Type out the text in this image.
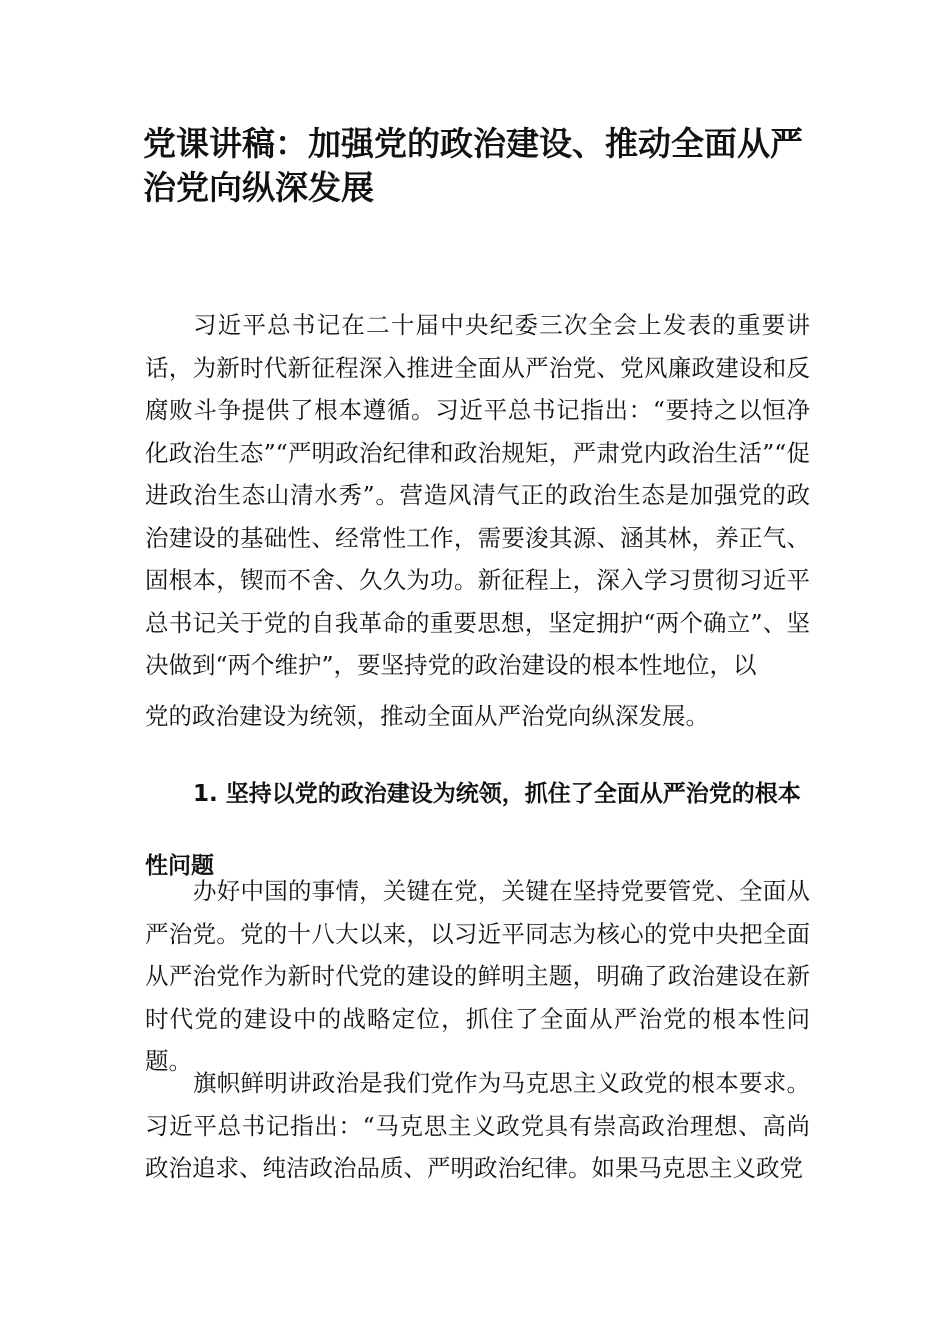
党课讲稿：加强党的政治建设、推动全面从严治党向纵深发展

习近平总书记在二十届中央纪委三次全会上发表的重要讲话，为新时代新征程深入推进全面从严治党、党风廉政建设和反腐败斗争提供了根本遵循。习近平总书记指出：“要持之以恒净化政治生态”“严明政治纪律和政治规矩，严肃党内政治生活”“促进政治生态山清水秀”。营造风清气正的政治生态是加强党的政治建设的基础性、经常性工作，需要浚其源、涵其林，养正气、固根本，锲而不舍、久久为功。新征程上，深入学习贯彻习近平总书记关于党的自我革命的重要思想，坚定拥护“两个确立”、坚决做到“两个维护”，要坚持党的政治建设的根本性地位，以
党的政治建设为统领，推动全面从严治党向纵深发展。

1. 坚持以党的政治建设为统领，抓住了全面从严治党的根本性问题

办好中国的事情，关键在党，关键在坚持党要管党、全面从严治党。党的十八大以来，以习近平同志为核心的党中央把全面从严治党作为新时代党的建设的鲜明主题，明确了政治建设在新时代党的建设中的战略定位，抓住了全面从严治党的根本性问题。

旗帜鲜明讲政治是我们党作为马克思主义政党的根本要求。习近平总书记指出：“马克思主义政党具有崇高政治理想、高尚政治追求、纯洁政治品质、严明政治纪律。如果马克思主义政党
